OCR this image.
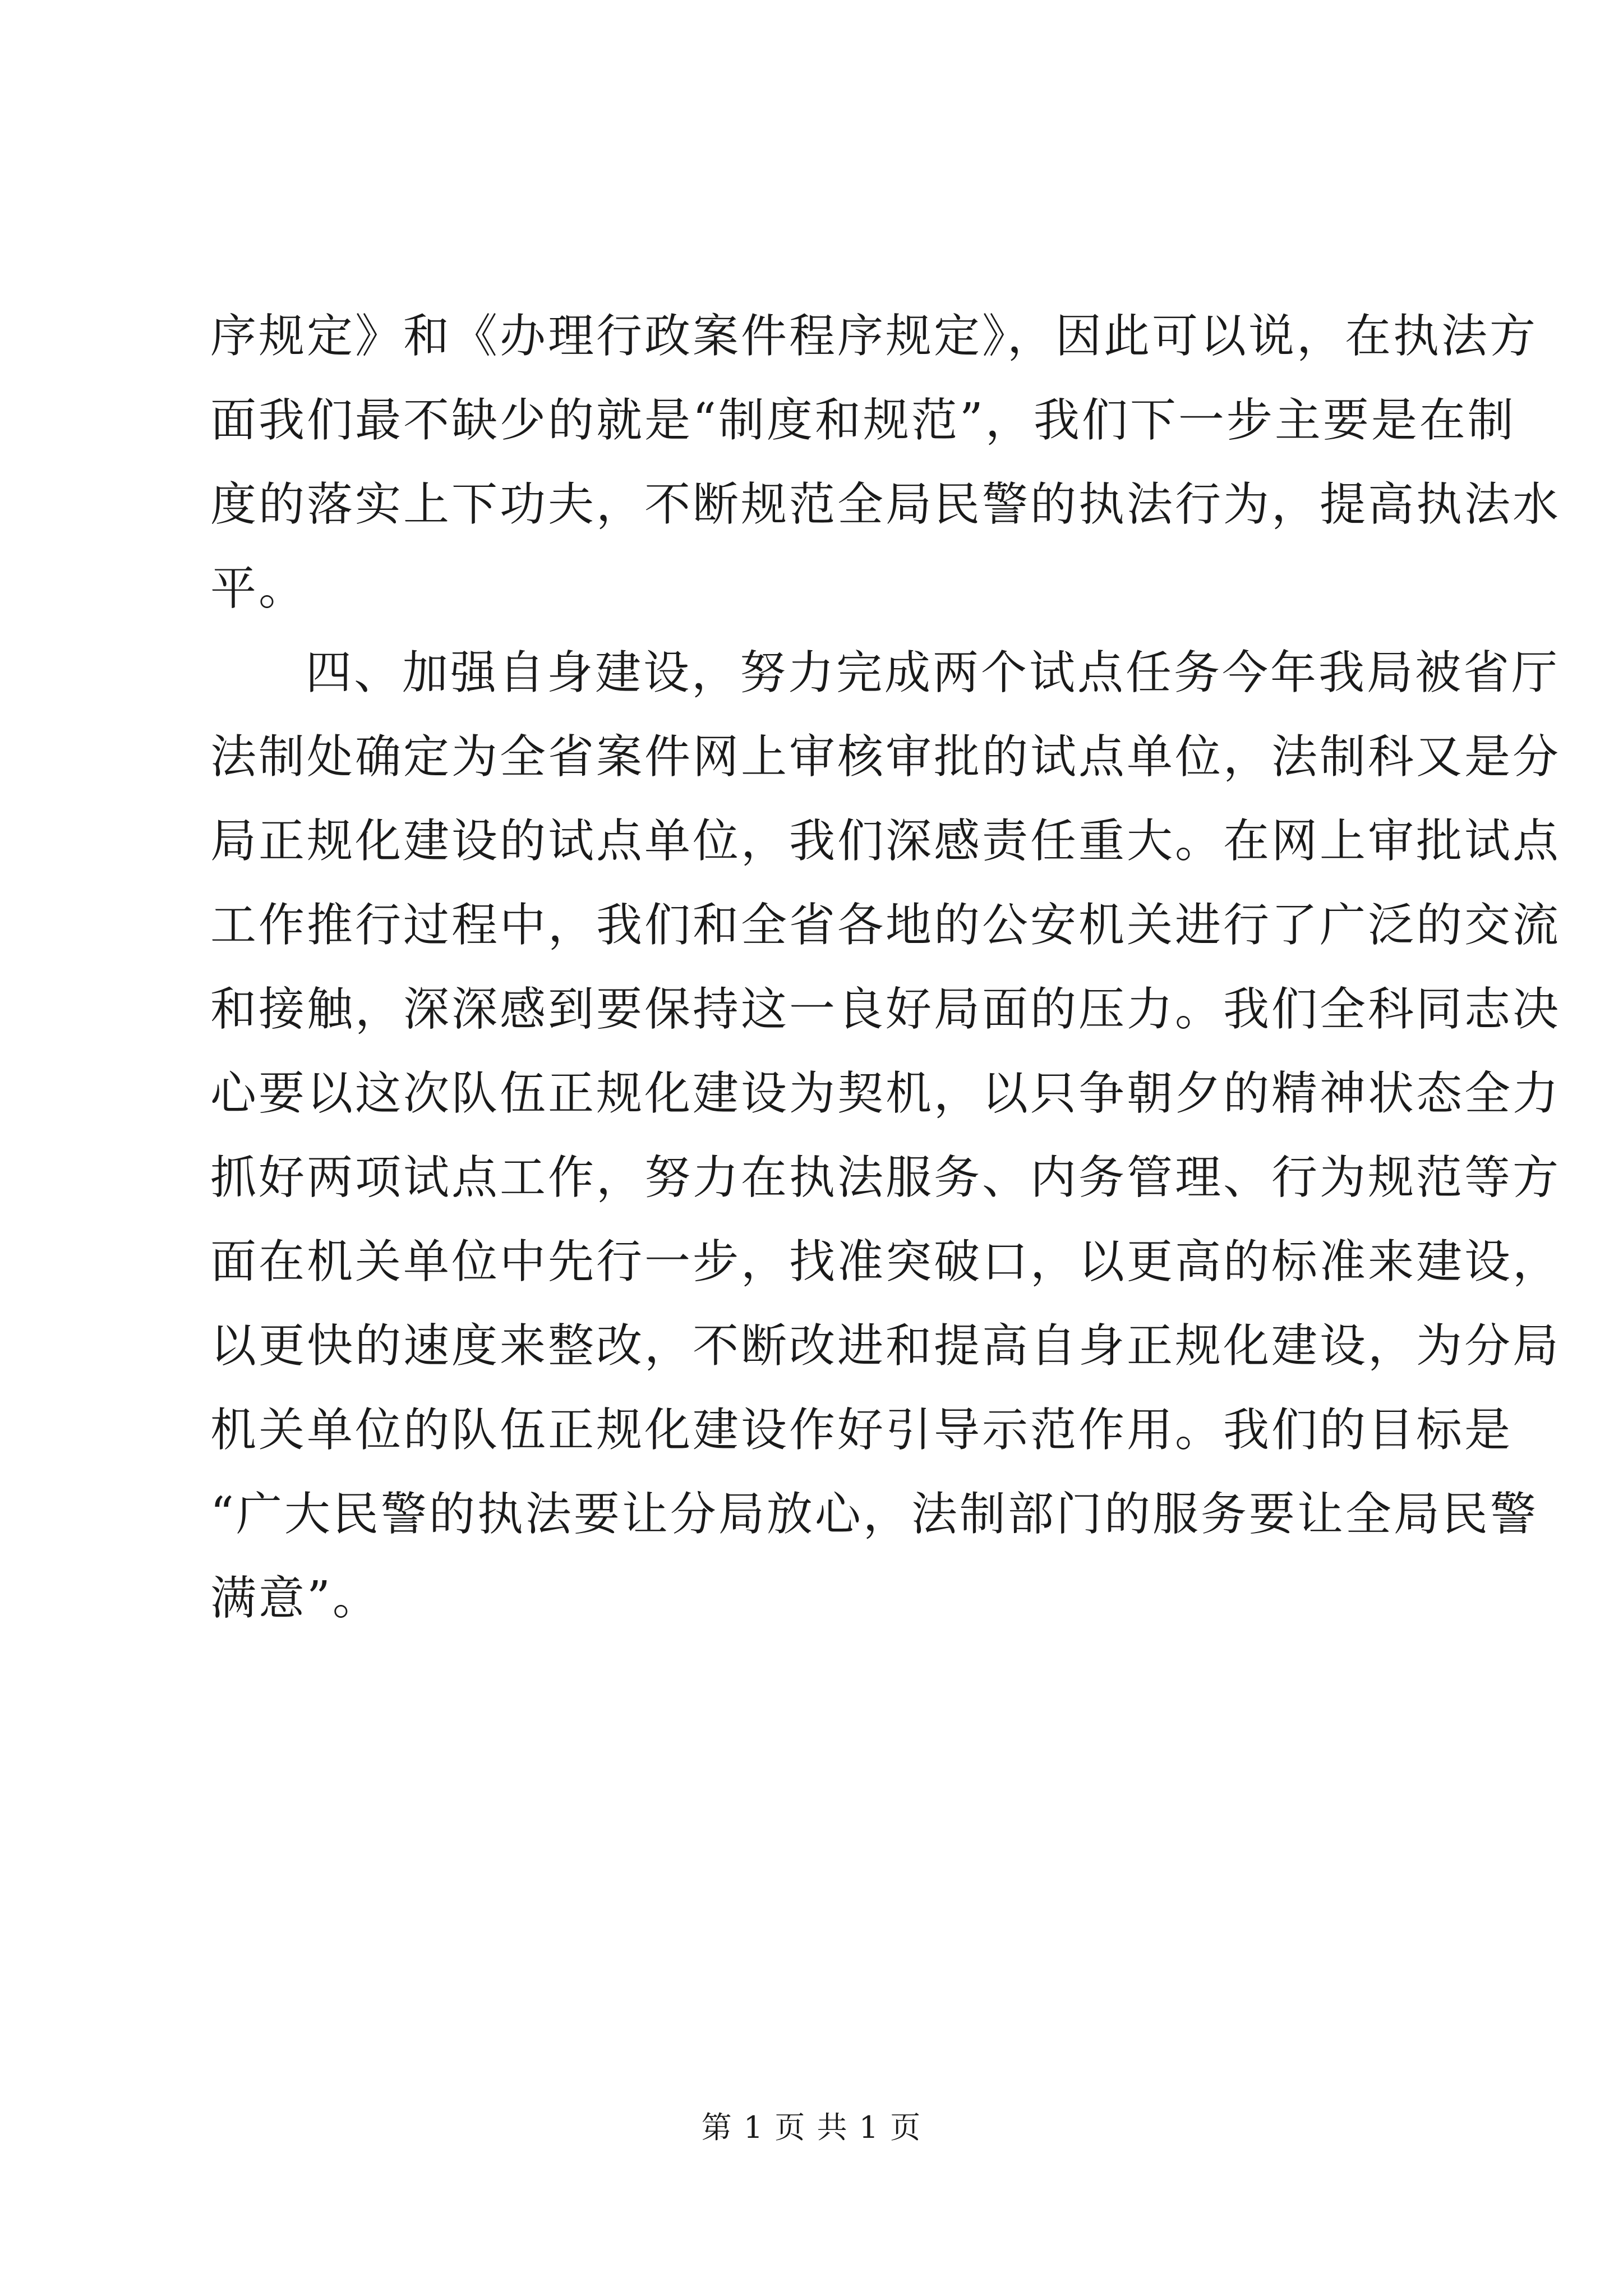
序规定》和《办理行政案件程序规定》，因此可以说，在执法方
面我们最不缺少的就是“制度和规范”，我们下一步主要是在制
度的落实上下功夫，不断规范全局民警的执法行为，提高执法水
平。
四、加强自身建设，努力完成两个试点任务今年我局被省厅
法制处确定为全省案件网上审核审批的试点单位，法制科又是分
局正规化建设的试点单位，我们深感责任重大。在网上审批试点
工作推行过程中，我们和全省各地的公安机关进行了广泛的交流
和接触，深深感到要保持这一良好局面的压力。我们全科同志决
心要以这次队伍正规化建设为契机，以只争朝夕的精神状态全力
抓好两项试点工作，努力在执法服务、内务管理、行为规范等方
面在机关单位中先行一步，找准突破口，以更高的标准来建设，
以更快的速度来整改，不断改进和提高自身正规化建设，为分局
机关单位的队伍正规化建设作好引导示范作用。我们的目标是
“广大民警的执法要让分局放心，法制部门的服务要让全局民警
满意”。
第 1 页 共 1 页
